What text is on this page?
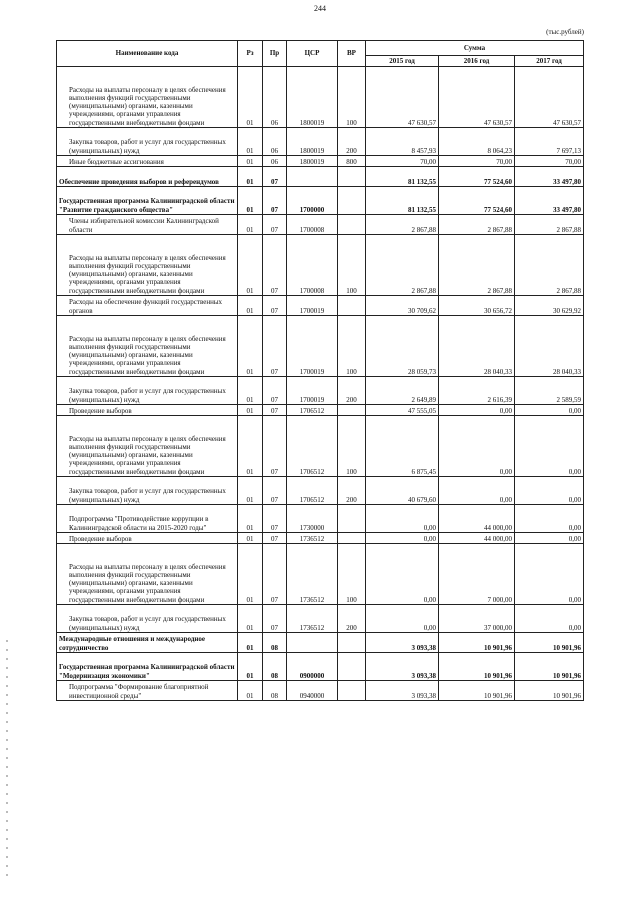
244
(тыс.рублей)
Наименование кода	Рз	Пр	ЦСР	ВР	Сумма		
					2015 год	2016 год	2017 год
Расходы на выплаты персоналу в целях обеспечения выполнения функций государственными (муниципальными) органами, казенными учреждениями, органами управления государственными внебюджетными фондами	01	06	1800019	100	47 630,57	47 630,57	47 630,57
Закупка товаров, работ и услуг для государственных (муниципальных) нужд	01	06	1800019	200	8 457,93	8 064,23	7 697,13
Иные бюджетные ассигнования	01	06	1800019	800	70,00	70,00	70,00
Обеспечение проведения выборов и референдумов	01	07			81 132,55	77 524,60	33 497,80
Государственная программа Калининградской области "Развитие гражданского общества"	01	07	1700000		81 132,55	77 524,60	33 497,80
Члены избирательной комиссии Калининградской области	01	07	1700008		2 867,88	2 867,88	2 867,88
Расходы на выплаты персоналу в целях обеспечения выполнения функций государственными (муниципальными) органами, казенными учреждениями, органами управления государственными внебюджетными фондами	01	07	1700008	100	2 867,88	2 867,88	2 867,88
Расходы на обеспечение функций государственных органов	01	07	1700019		30 709,62	30 656,72	30 629,92
Расходы на выплаты персоналу в целях обеспечения выполнения функций государственными (муниципальными) органами, казенными учреждениями, органами управления государственными внебюджетными фондами	01	07	1700019	100	28 059,73	28 040,33	28 040,33
Закупка товаров, работ и услуг для государственных (муниципальных) нужд	01	07	1700019	200	2 649,89	2 616,39	2 589,59
Проведение выборов	01	07	1706512		47 555,05	0,00	0,00
Расходы на выплаты персоналу в целях обеспечения выполнения функций государственными (муниципальными) органами, казенными учреждениями, органами управления государственными внебюджетными фондами	01	07	1706512	100	6 875,45	0,00	0,00
Закупка товаров, работ и услуг для государственных (муниципальных) нужд	01	07	1706512	200	40 679,60	0,00	0,00
Подпрограмма "Противодействие коррупции в Калининградской области на 2015-2020 годы"	01	07	1730000		0,00	44 000,00	0,00
Проведение выборов	01	07	1736512		0,00	44 000,00	0,00
Расходы на выплаты персоналу в целях обеспечения выполнения функций государственными (муниципальными) органами, казенными учреждениями, органами управления государственными внебюджетными фондами	01	07	1736512	100	0,00	7 000,00	0,00
Закупка товаров, работ и услуг для государственных (муниципальных) нужд	01	07	1736512	200	0,00	37 000,00	0,00
Международные отношения и международное сотрудничество	01	08			3 093,38	10 901,96	10 901,96
Государственная программа Калининградской области "Модернизация экономики"	01	08	0900000		3 093,38	10 901,96	10 901,96
Подпрограмма "Формирование благоприятной инвестиционной среды"	01	08	0940000		3 093,38	10 901,96	10 901,96
